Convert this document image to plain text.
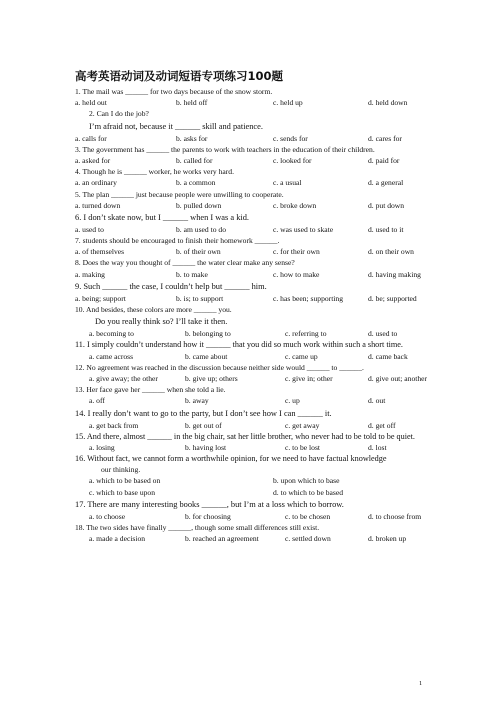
高考英语动词及动词短语专项练习100题
1. The mail was ______ for two days because of the snow storm.
a. held out	b. held off	c. held up	d. held down
2. Can I do the job?
I’m afraid not, because it ______ skill and patience.
a. calls for	b. asks for	c. sends for	d. cares for
3. The government has ______ the parents to work with teachers in the education of their children.
a. asked for	b. called for	c. looked for	d. paid for
4. Though he is ______ worker, he works very hard.
a. an ordinary	b. a common	c. a usual	d. a general
5. The plan ______ just because people were unwilling to cooperate.
a. turned down	b. pulled down	c. broke down	d. put down
6. I don’t skate now, but I ______ when I was a kid.
a. used to	b. am used to do	c. was used to skate	d. used to it
7. students should be encouraged to finish their homework ______.
a. of themselves	b. of their own	c. for their own	d. on their own
8. Does the way you thought of ______ the water clear make any sense?
a. making	b. to make	c. how to make	d. having making
9. Such ______ the case, I couldn’t help but ______ him.
a. being; support	b. is; to support	c. has been; supporting	d. be; supported
10. And besides, these colors are more ______ you.
Do you really think so? I’ll take it then.
a. becoming to	b. belonging to	c. referring to	d. used to
11. I simply couldn’t understand how it ______ that you did so much work within such a short time.
a. came across	b. came about	c. came up	d. came back
12. No agreement was reached in the discussion because neither side would ______ to ______.
a. give away; the other	b. give up; others	c. give in; other	d. give out; another
13. Her face gave her ______ when she told a lie.
a. off	b. away	c. up	d. out
14. I really don’t want to go to the party, but I don’t see how I can ______ it.
a. get back from	b. get out of	c. get away	d. get off
15. And there, almost ______ in the big chair, sat her little brother, who never had to be told to be quiet.
a. losing	b. having lost	c. to be lost	d. lost
16. Without fact, we cannot form a worthwhile opinion, for we need to have factual knowledge
our thinking.
a. which to be based on	b. upon which to base
c. which to base upon	d. to which to be based
17. There are many interesting books ______, but I’m at a loss which to borrow.
a. to choose	b. for choosing	c. to be chosen	d. to choose from
18. The two sides have finally ______, though some small differences still exist.
a. made a decision	b. reached an agreement	c. settled down	d. broken up
1
